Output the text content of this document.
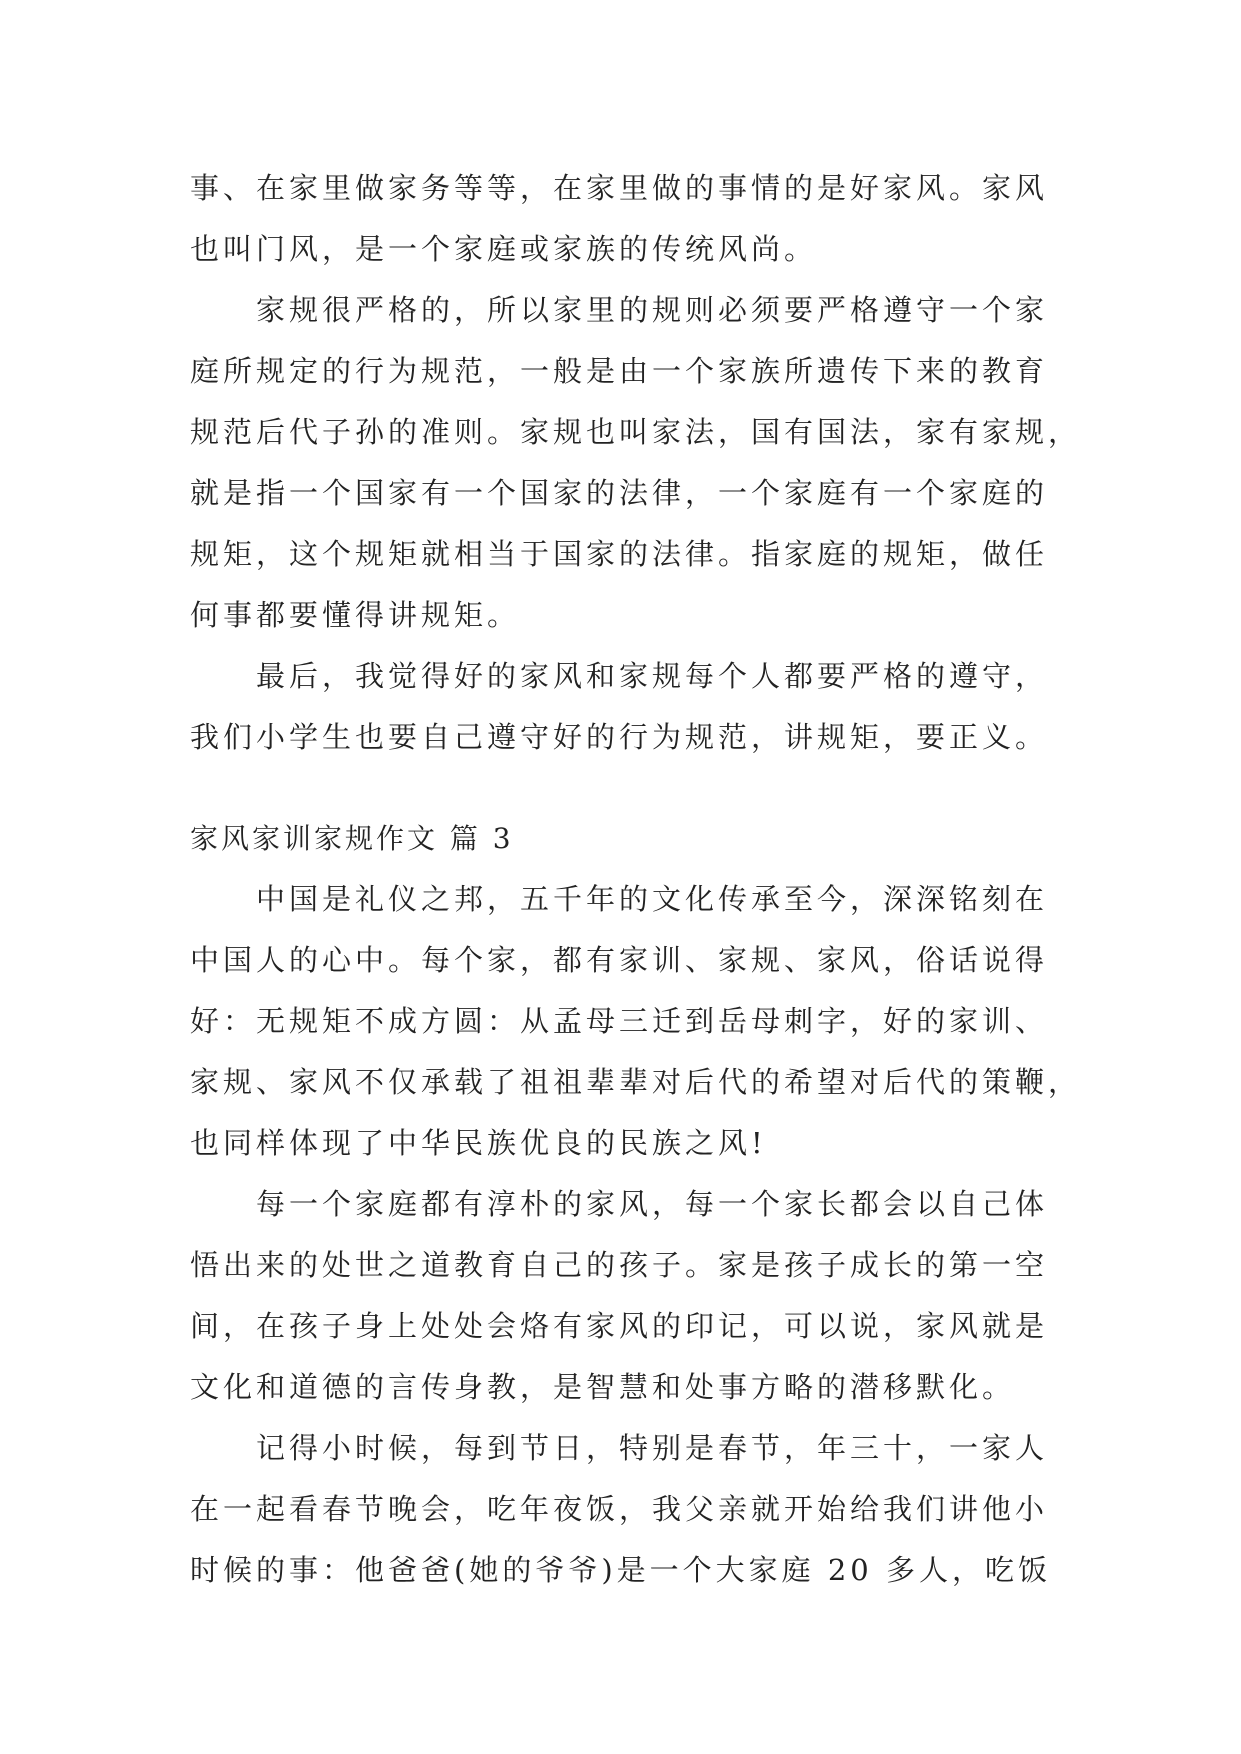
事、在家里做家务等等，在家里做的事情的是好家风。家风
也叫门风，是一个家庭或家族的传统风尚。
家规很严格的，所以家里的规则必须要严格遵守一个家
庭所规定的行为规范，一般是由一个家族所遗传下来的教育
规范后代子孙的准则。家规也叫家法，国有国法，家有家规，
就是指一个国家有一个国家的法律，一个家庭有一个家庭的
规矩，这个规矩就相当于国家的法律。指家庭的规矩，做任
何事都要懂得讲规矩。
最后，我觉得好的家风和家规每个人都要严格的遵守，
我们小学生也要自己遵守好的行为规范，讲规矩，要正义。
家风家训家规作文 篇 3
中国是礼仪之邦，五千年的文化传承至今，深深铭刻在
中国人的心中。每个家，都有家训、家规、家风，俗话说得
好：无规矩不成方圆：从孟母三迁到岳母刺字，好的家训、
家规、家风不仅承载了祖祖辈辈对后代的希望对后代的策鞭，
也同样体现了中华民族优良的民族之风!
每一个家庭都有淳朴的家风，每一个家长都会以自己体
悟出来的处世之道教育自己的孩子。家是孩子成长的第一空
间，在孩子身上处处会烙有家风的印记，可以说，家风就是
文化和道德的言传身教，是智慧和处事方略的潜移默化。
记得小时候，每到节日，特别是春节，年三十，一家人
在一起看春节晚会，吃年夜饭，我父亲就开始给我们讲他小
时候的事：他爸爸(她的爷爷)是一个大家庭 20 多人，吃饭
